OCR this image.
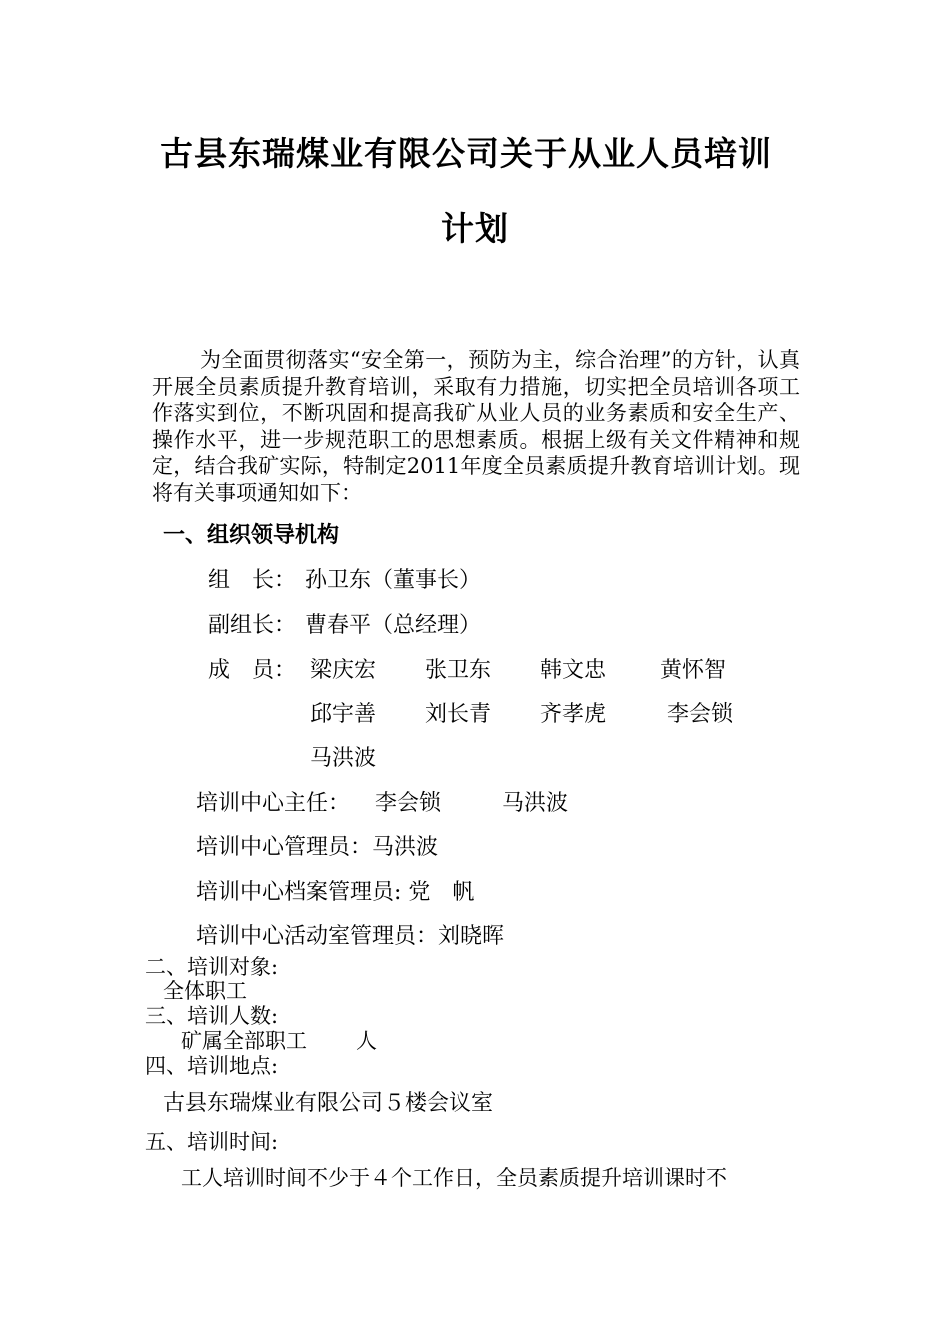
古县东瑞煤业有限公司关于从业人员培训
计划

为全面贯彻落实“安全第一，预防为主，综合治理”的方针，认真开展全员素质提升教育培训，采取有力措施，切实把全员培训各项工作落实到位，不断巩固和提高我矿从业人员的业务素质和安全生产、操作水平，进一步规范职工的思想素质。根据上级有关文件精神和规定，结合我矿实际，特制定2011年度全员素质提升教育培训计划。现将有关事项通知如下：

一、组织领导机构
组　长： 孙卫东（董事长）
副组长： 曹春平（总经理）
成　员： 梁庆宏 张卫东 韩文忠 黄怀智
邱宇善 刘长青 齐孝虎	李会锁
马洪波
培训中心主任： 李会锁	马洪波
培训中心管理员：马洪波
培训中心档案管理员: 党　帆
培训中心活动室管理员：刘晓晖
二、培训对象:
全体职工
三、培训人数:
矿属全部职工 人
四、培训地点:
古县东瑞煤业有限公司５楼会议室
五、培训时间:
工人培训时间不少于４个工作日，全员素质提升培训课时不
